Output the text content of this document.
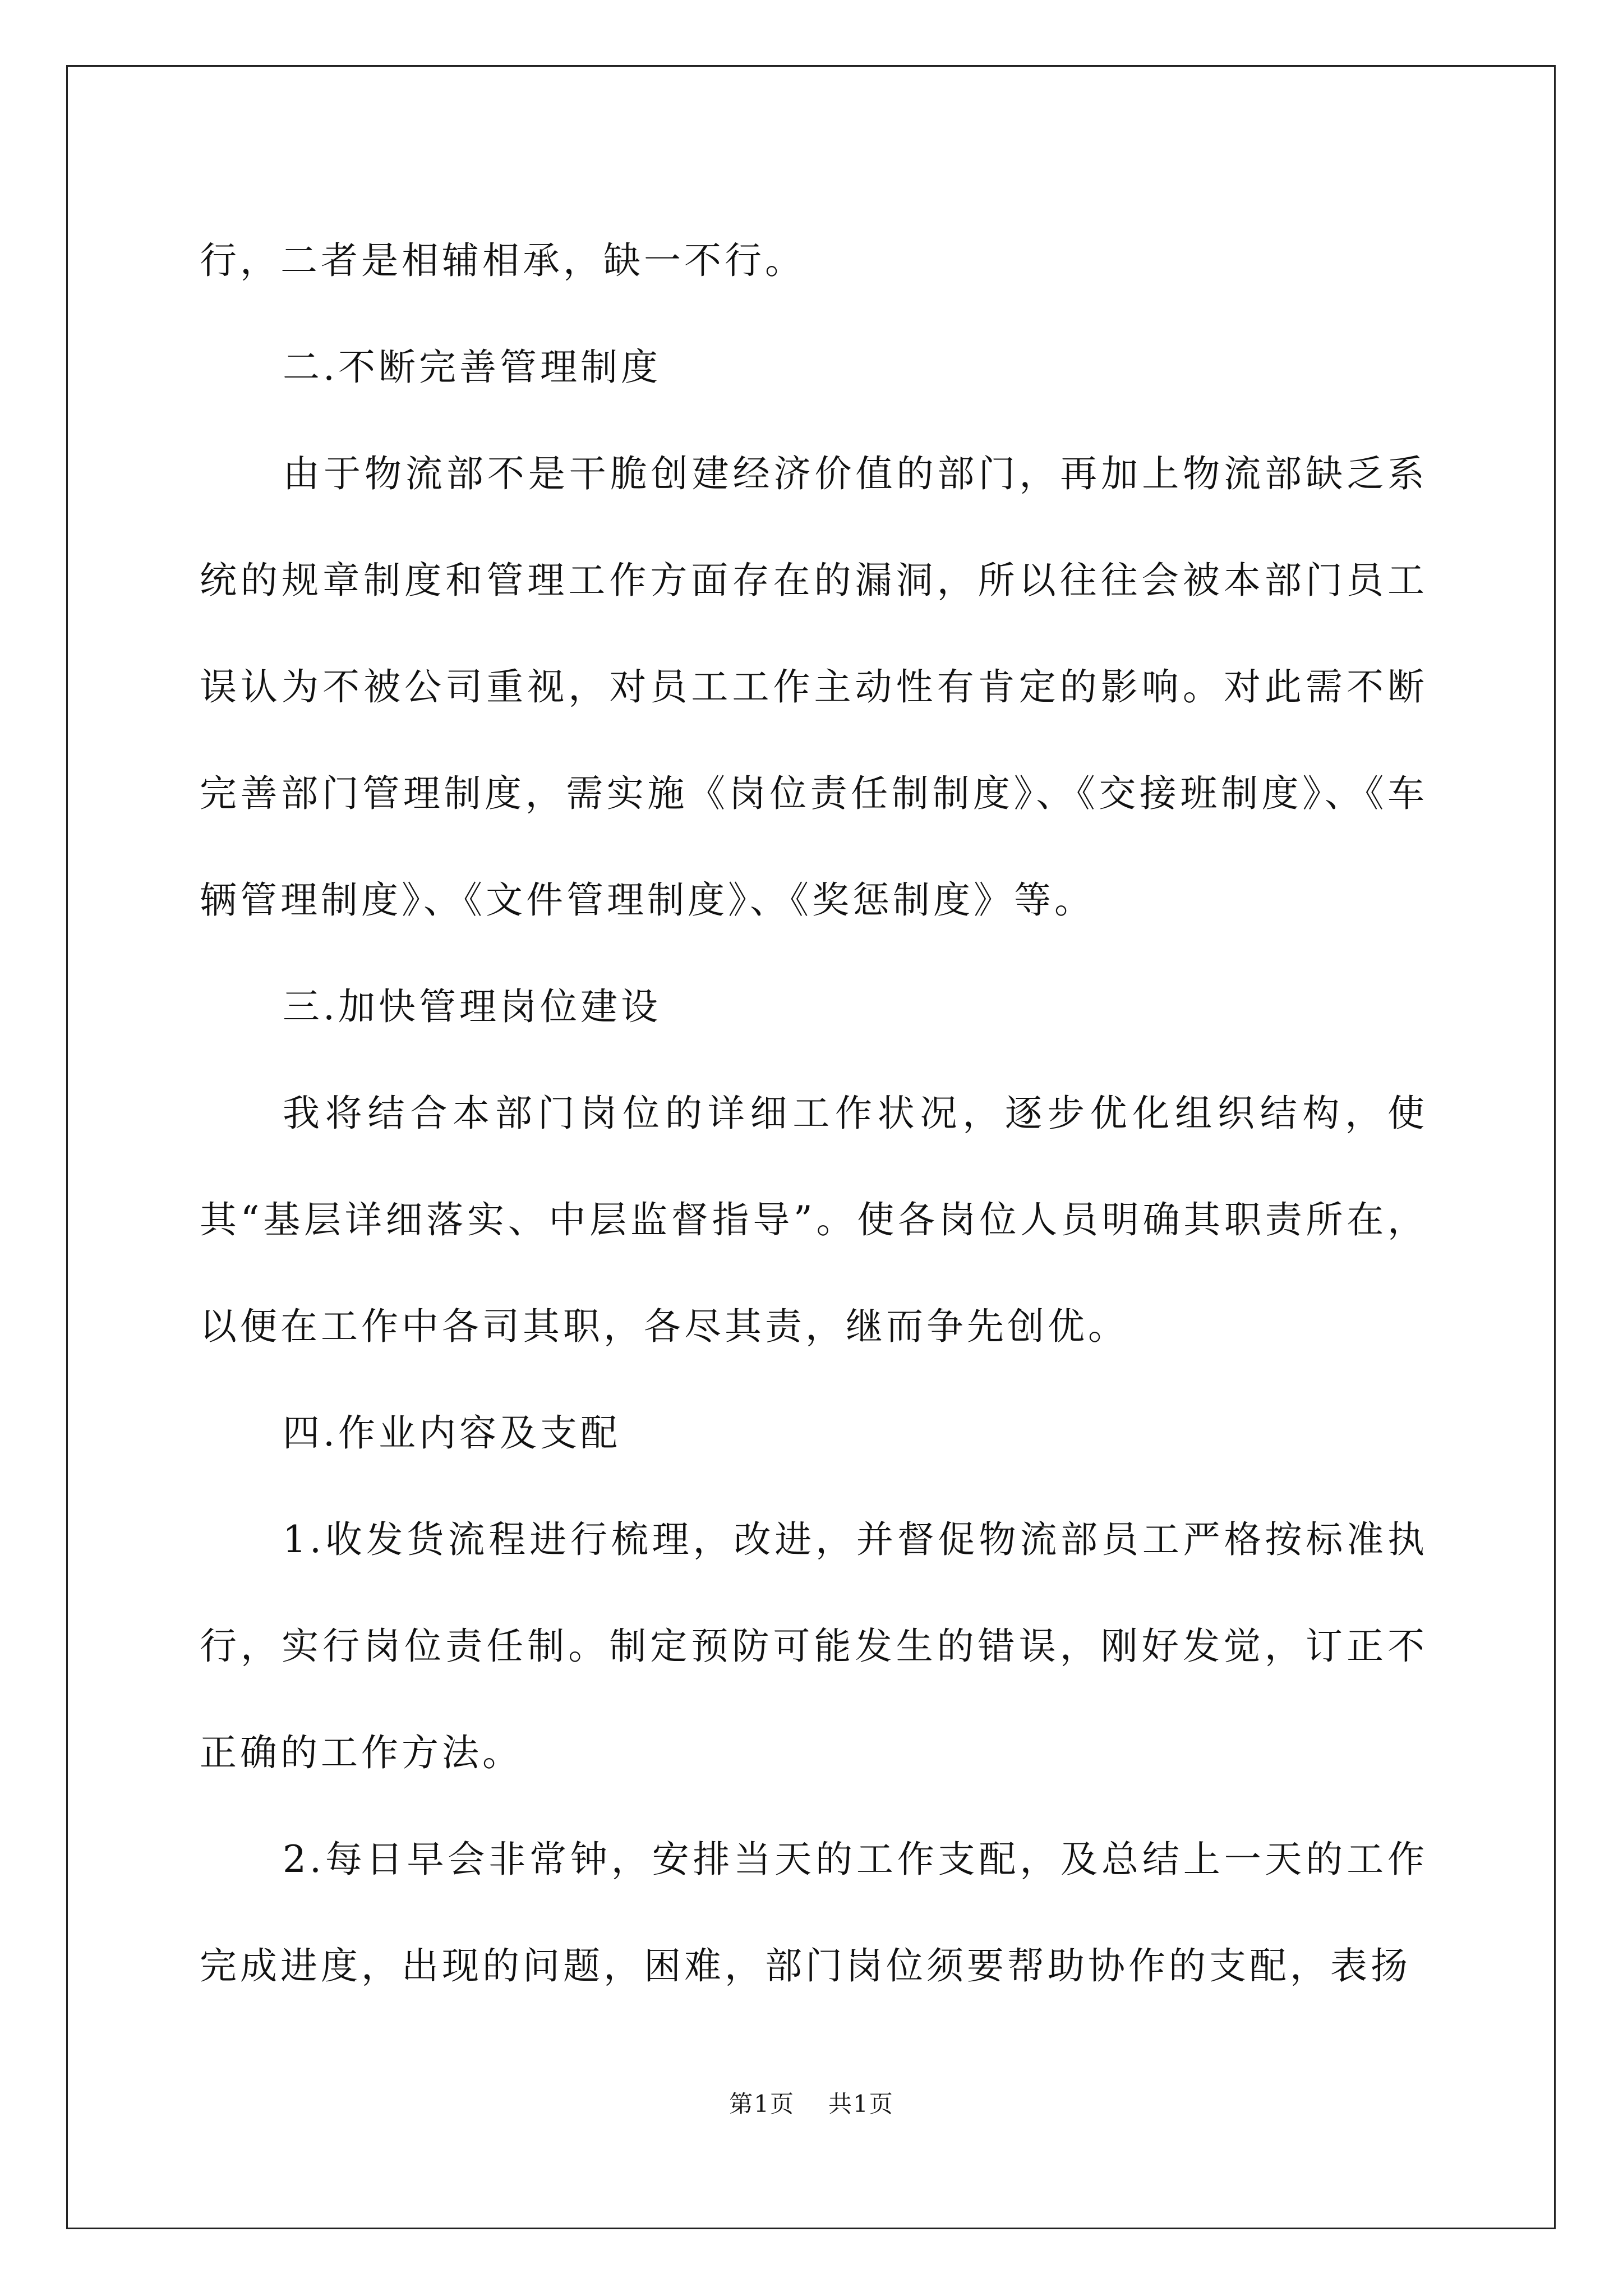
行，二者是相辅相承，缺一不行。

二.不断完善管理制度

由于物流部不是干脆创建经济价值的部门，再加上物流部缺乏系统的规章制度和管理工作方面存在的漏洞，所以往往会被本部门员工误认为不被公司重视，对员工工作主动性有肯定的影响。对此需不断完善部门管理制度，需实施《岗位责任制制度》、《交接班制度》、《车辆管理制度》、《文件管理制度》、《奖惩制度》等。

三.加快管理岗位建设

我将结合本部门岗位的详细工作状况，逐步优化组织结构，使其“基层详细落实、中层监督指导”。使各岗位人员明确其职责所在，以便在工作中各司其职，各尽其责，继而争先创优。

四.作业内容及支配

1.收发货流程进行梳理，改进，并督促物流部员工严格按标准执行，实行岗位责任制。制定预防可能发生的错误，刚好发觉，订正不正确的工作方法。

2.每日早会非常钟，安排当天的工作支配，及总结上一天的工作完成进度，出现的问题，困难，部门岗位须要帮助协作的支配，表扬

第1页 共1页
